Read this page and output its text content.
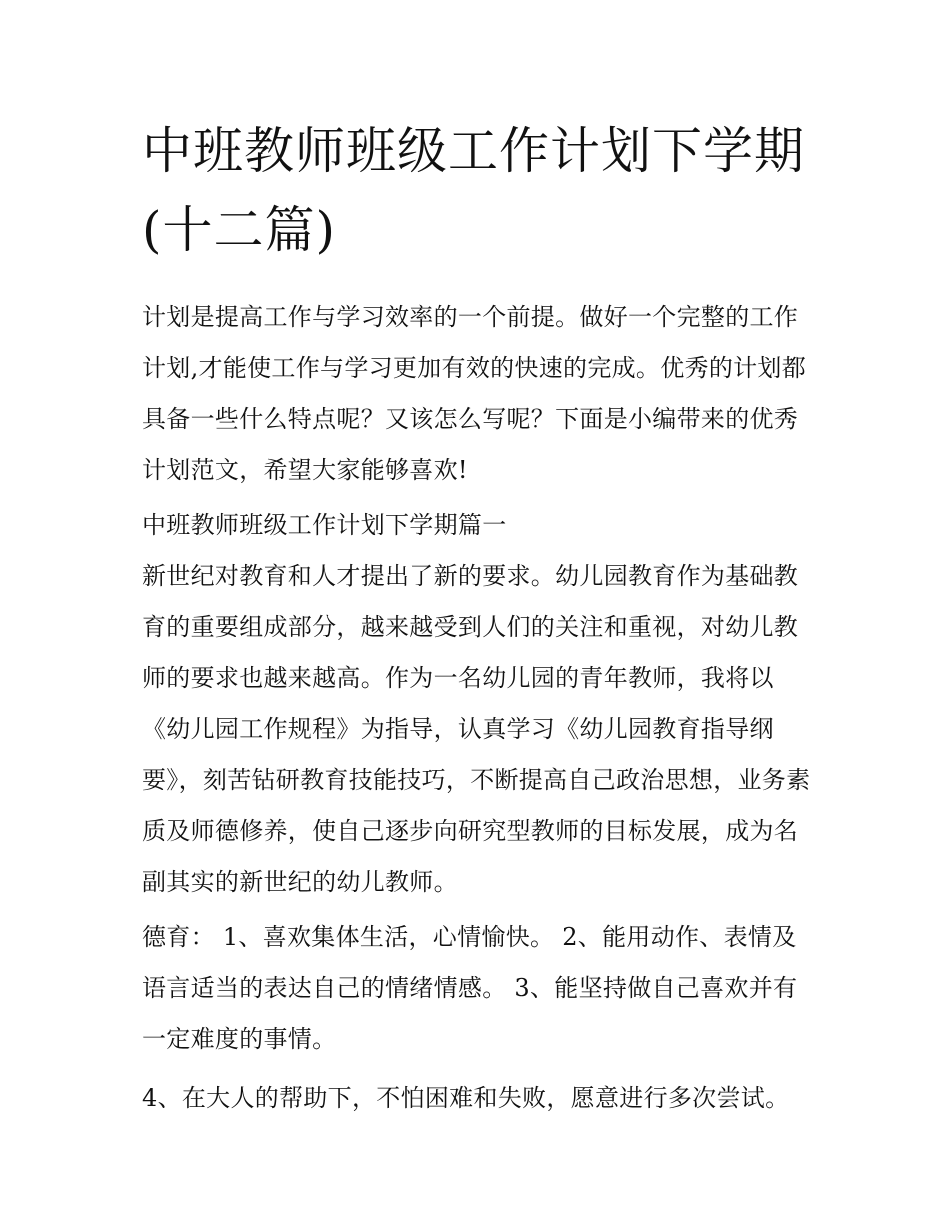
中班教师班级工作计划下学期(十二篇)

计划是提高工作与学习效率的一个前提。做好一个完整的工作计划,才能使工作与学习更加有效的快速的完成。优秀的计划都具备一些什么特点呢？又该怎么写呢？下面是小编带来的优秀计划范文，希望大家能够喜欢!

中班教师班级工作计划下学期篇一

新世纪对教育和人才提出了新的要求。幼儿园教育作为基础教育的重要组成部分，越来越受到人们的关注和重视，对幼儿教师的要求也越来越高。作为一名幼儿园的青年教师，我将以《幼儿园工作规程》为指导，认真学习《幼儿园教育指导纲要》，刻苦钻研教育技能技巧，不断提高自己政治思想，业务素质及师德修养，使自己逐步向研究型教师的目标发展，成为名副其实的新世纪的幼儿教师。

德育： 1、喜欢集体生活，心情愉快。 2、能用动作、表情及语言适当的表达自己的情绪情感。 3、能坚持做自己喜欢并有一定难度的事情。

4、在大人的帮助下，不怕困难和失败，愿意进行多次尝试。
